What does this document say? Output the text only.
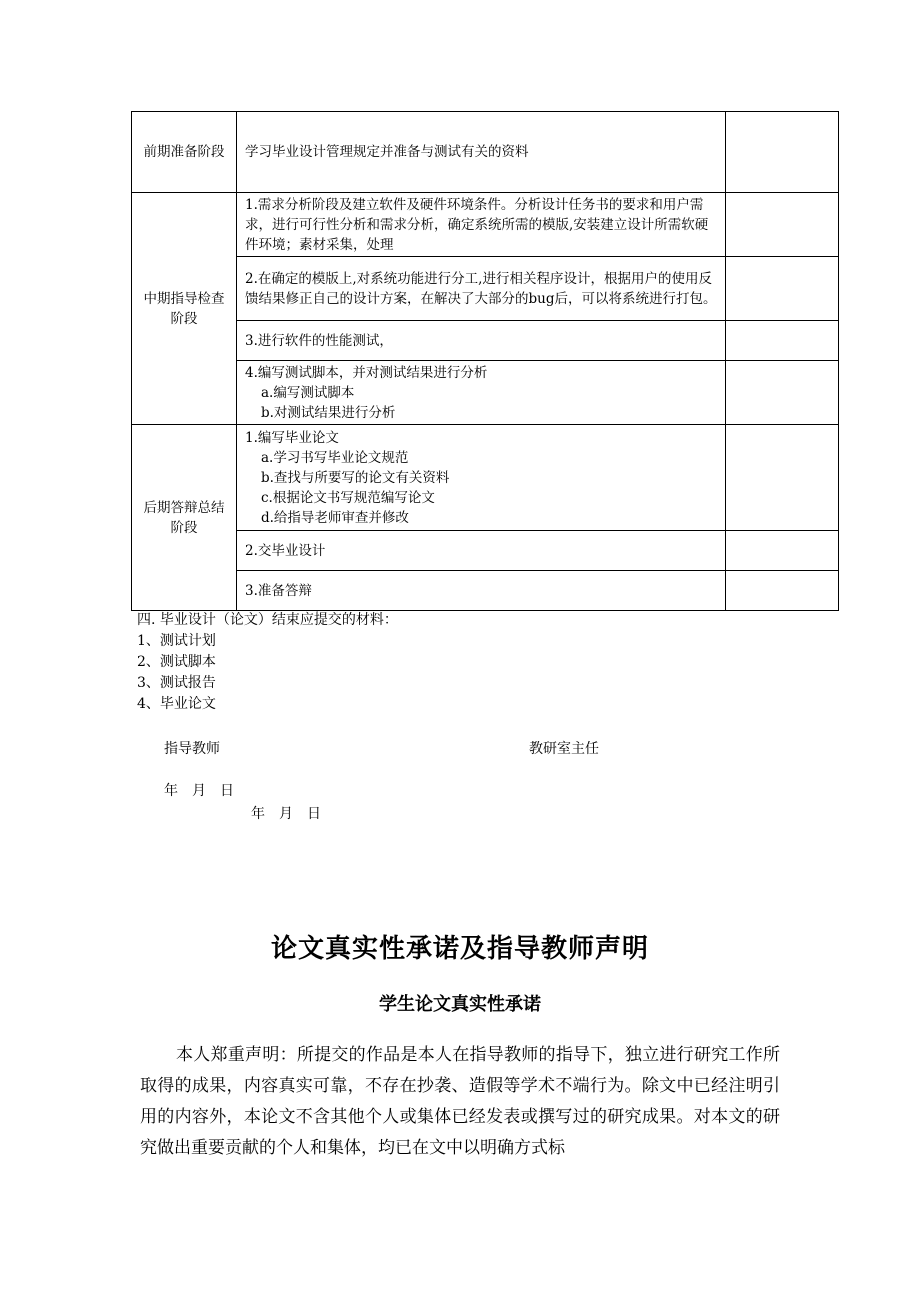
前期准备阶段	学习毕业设计管理规定并准备与测试有关的资料	

中期指导检查阶段	1.需求分析阶段及建立软件及硬件环境条件。分析设计任务书的要求和用户需求，进行可行性分析和需求分析，确定系统所需的模版,安装建立设计所需软硬件环境；素材采集，处理	

	2.在确定的模版上,对系统功能进行分工,进行相关程序设计，根据用户的使用反馈结果修正自己的设计方案，在解决了大部分的bug后，可以将系统进行打包。	

	3.进行软件的性能测试，	

	4.编写测试脚本，并对测试结果进行分析
a.编写测试脚本
b.对测试结果进行分析	

后期答辩总结阶段	1.编写毕业论文
a.学习书写毕业论文规范
b.查找与所要写的论文有关资料
c.根据论文书写规范编写论文
d.给指导老师审查并修改	

	2.交毕业设计	

	3.准备答辩	

四. 毕业设计（论文）结束应提交的材料：
1、测试计划
2、测试脚本
3、测试报告
4、毕业论文
指导教师	教研室主任
年　月　日
年　月　日
论文真实性承诺及指导教师声明
学生论文真实性承诺

本人郑重声明：所提交的作品是本人在指导教师的指导下，独立进行研究工作所取得的成果，内容真实可靠，不存在抄袭、造假等学术不端行为。除文中已经注明引用的内容外，本论文不含其他个人或集体已经发表或撰写过的研究成果。对本文的研究做出重要贡献的个人和集体，均已在文中以明确方式标
